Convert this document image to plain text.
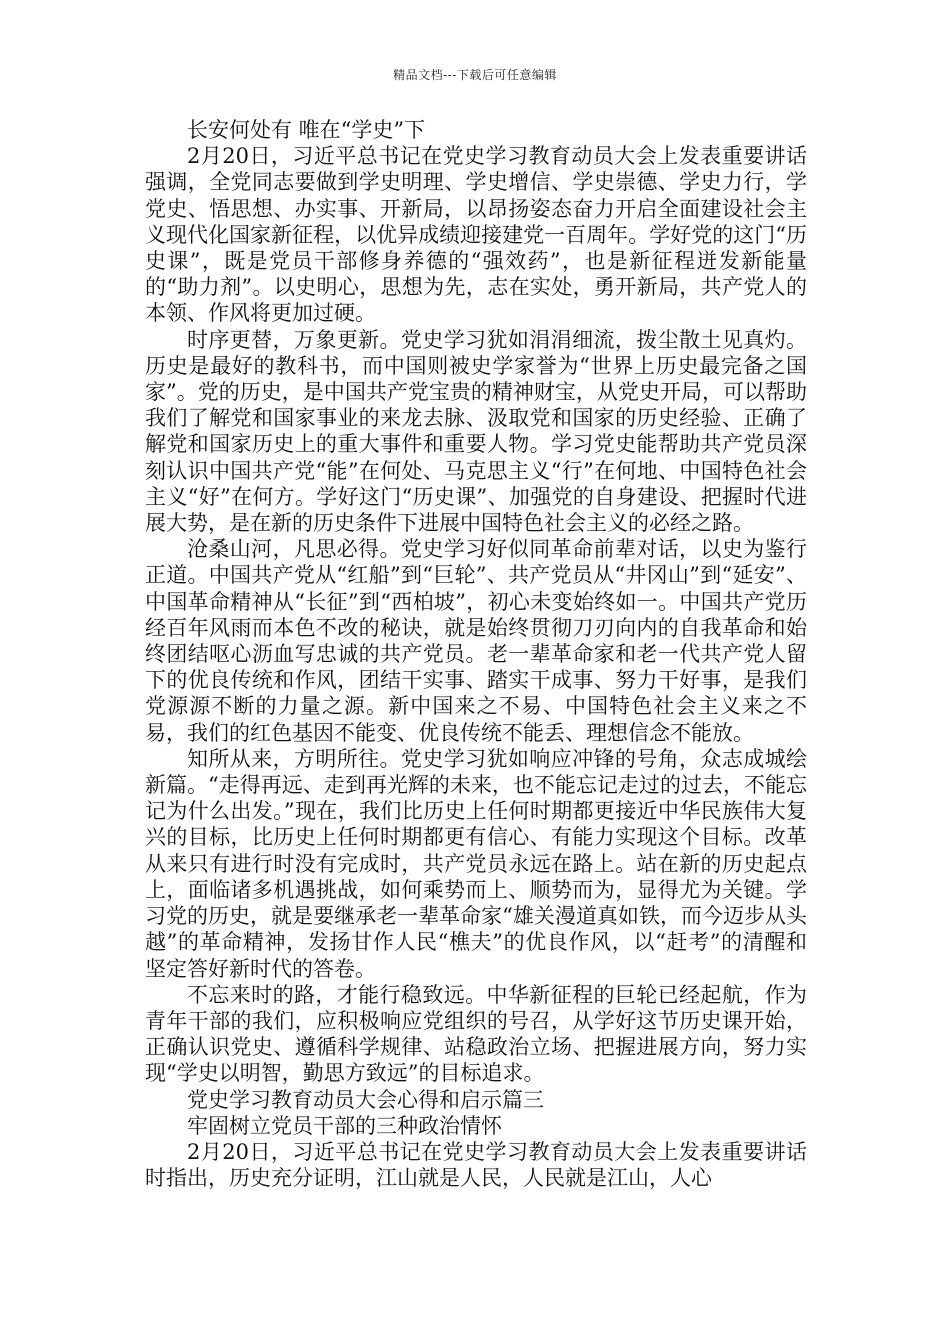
精品文档---下载后可任意编辑

长安何处有 唯在“学史”下

2月20日，习近平总书记在党史学习教育动员大会上发表重要讲话强调，全党同志要做到学史明理、学史增信、学史崇德、学史力行，学党史、悟思想、办实事、开新局，以昂扬姿态奋力开启全面建设社会主义现代化国家新征程，以优异成绩迎接建党一百周年。学好党的这门“历史课”，既是党员干部修身养德的“强效药”，也是新征程迸发新能量的“助力剂”。以史明心，思想为先，志在实处，勇开新局，共产党人的本领、作风将更加过硬。

时序更替，万象更新。党史学习犹如涓涓细流，拨尘散土见真灼。历史是最好的教科书，而中国则被史学家誉为“世界上历史最完备之国家”。党的历史，是中国共产党宝贵的精神财宝，从党史开局，可以帮助我们了解党和国家事业的来龙去脉、汲取党和国家的历史经验、正确了解党和国家历史上的重大事件和重要人物。学习党史能帮助共产党员深刻认识中国共产党“能”在何处、马克思主义“行”在何地、中国特色社会主义“好”在何方。学好这门“历史课”、加强党的自身建设、把握时代进展大势，是在新的历史条件下进展中国特色社会主义的必经之路。

沧桑山河，凡思必得。党史学习好似同革命前辈对话，以史为鉴行正道。中国共产党从“红船”到“巨轮”、共产党员从“井冈山”到“延安”、中国革命精神从“长征”到“西柏坡”，初心未变始终如一。中国共产党历经百年风雨而本色不改的秘诀，就是始终贯彻刀刃向内的自我革命和始终团结呕心沥血写忠诚的共产党员。老一辈革命家和老一代共产党人留下的优良传统和作风，团结干实事、踏实干成事、努力干好事，是我们党源源不断的力量之源。新中国来之不易、中国特色社会主义来之不易，我们的红色基因不能变、优良传统不能丢、理想信念不能放。

知所从来，方明所往。党史学习犹如响应冲锋的号角，众志成城绘新篇。“走得再远、走到再光辉的未来，也不能忘记走过的过去，不能忘记为什么出发。”现在，我们比历史上任何时期都更接近中华民族伟大复兴的目标，比历史上任何时期都更有信心、有能力实现这个目标。改革从来只有进行时没有完成时，共产党员永远在路上。站在新的历史起点上，面临诸多机遇挑战，如何乘势而上、顺势而为，显得尤为关键。学习党的历史，就是要继承老一辈革命家“雄关漫道真如铁，而今迈步从头越”的革命精神，发扬甘作人民“樵夫”的优良作风，以“赶考”的清醒和坚定答好新时代的答卷。

不忘来时的路，才能行稳致远。中华新征程的巨轮已经起航，作为青年干部的我们，应积极响应党组织的号召，从学好这节历史课开始，正确认识党史、遵循科学规律、站稳政治立场、把握进展方向，努力实现“学史以明智，勤思方致远”的目标追求。

党史学习教育动员大会心得和启示篇三

牢固树立党员干部的三种政治情怀

2月20日，习近平总书记在党史学习教育动员大会上发表重要讲话时指出，历史充分证明，江山就是人民，人民就是江山，人心
